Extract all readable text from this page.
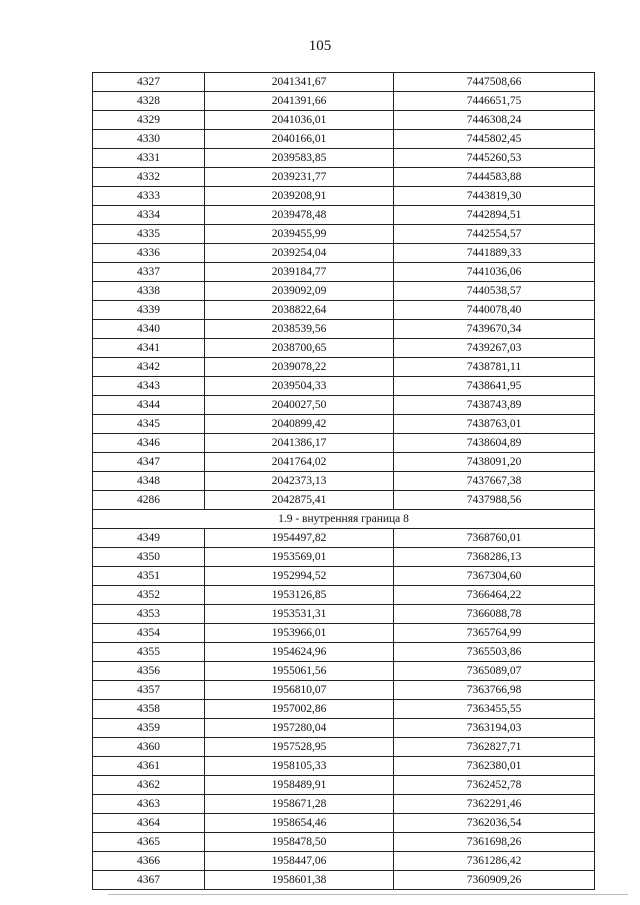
105
4327	2041341,67	7447508,66
4328	2041391,66	7446651,75
4329	2041036,01	7446308,24
4330	2040166,01	7445802,45
4331	2039583,85	7445260,53
4332	2039231,77	7444583,88
4333	2039208,91	7443819,30
4334	2039478,48	7442894,51
4335	2039455,99	7442554,57
4336	2039254,04	7441889,33
4337	2039184,77	7441036,06
4338	2039092,09	7440538,57
4339	2038822,64	7440078,40
4340	2038539,56	7439670,34
4341	2038700,65	7439267,03
4342	2039078,22	7438781,11
4343	2039504,33	7438641,95
4344	2040027,50	7438743,89
4345	2040899,42	7438763,01
4346	2041386,17	7438604,89
4347	2041764,02	7438091,20
4348	2042373,13	7437667,38
4286	2042875,41	7437988,56
1.9 - внутренняя граница 8		
4349	1954497,82	7368760,01
4350	1953569,01	7368286,13
4351	1952994,52	7367304,60
4352	1953126,85	7366464,22
4353	1953531,31	7366088,78
4354	1953966,01	7365764,99
4355	1954624,96	7365503,86
4356	1955061,56	7365089,07
4357	1956810,07	7363766,98
4358	1957002,86	7363455,55
4359	1957280,04	7363194,03
4360	1957528,95	7362827,71
4361	1958105,33	7362380,01
4362	1958489,91	7362452,78
4363	1958671,28	7362291,46
4364	1958654,46	7362036,54
4365	1958478,50	7361698,26
4366	1958447,06	7361286,42
4367	1958601,38	7360909,26
